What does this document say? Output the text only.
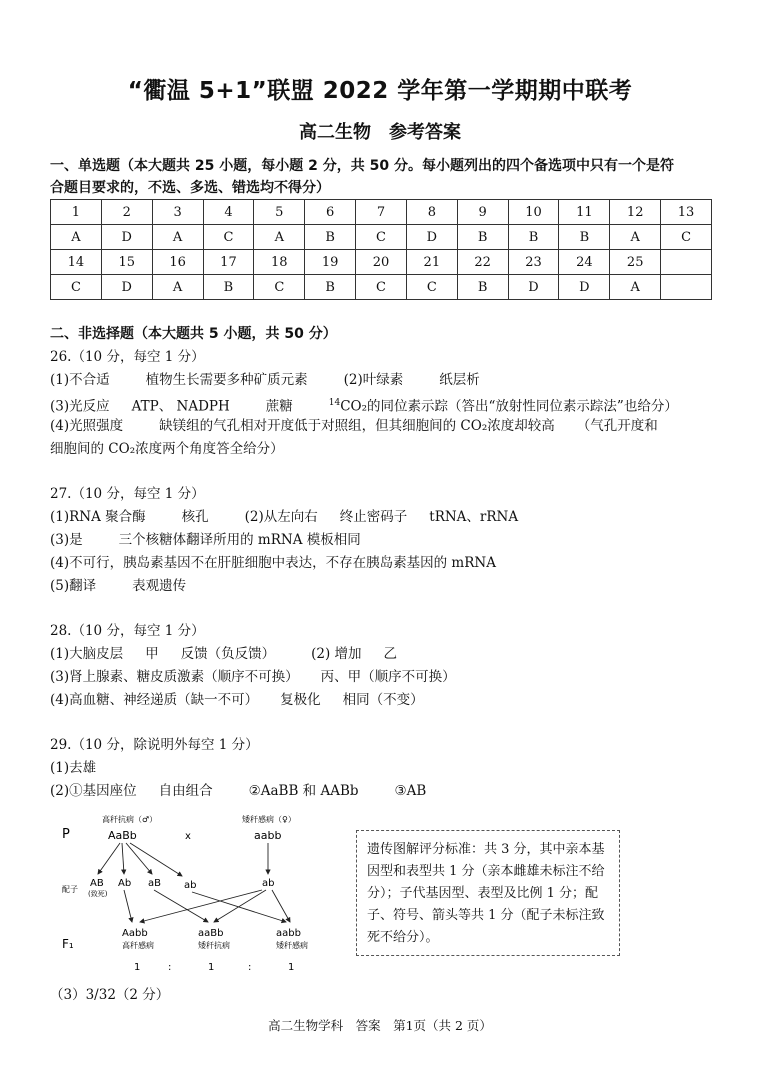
“衢温 5+1”联盟 2022 学年第一学期期中联考
高二生物 参考答案
一、单选题（本大题共 25 小题，每小题 2 分，共 50 分。每小题列出的四个备选项中只有一个是符
合题目要求的，不选、多选、错选均不得分）
1	2	3	4	5	6	7	8	9	10	11	12	13
A	D	A	C	A	B	C	D	B	B	B	A	C
14	15	16	17	18	19	20	21	22	23	24	25	
C	D	A	B	C	B	C	C	B	D	D	A	
二、非选择题（本大题共 5 小题，共 50 分）
26.（10 分，每空 1 分）
(1)不合适	植物生长需要多种矿质元素	(2)叶绿素	纸层析
(3)光反应 ATP、 NADPH	蔗糖	$^{14}$CO₂的同位素示踪（答出“放射性同位素示踪法”也给分）
(4)光照强度	缺镁组的气孔相对开度低于对照组，但其细胞间的 CO₂浓度却较高 （气孔开度和
细胞间的 CO₂浓度两个角度答全给分）
27.（10 分，每空 1 分）
(1)RNA 聚合酶	核孔	(2)从左向右 终止密码子 tRNA、rRNA
(3)是	三个核糖体翻译所用的 mRNA 模板相同
(4)不可行，胰岛素基因不在肝脏细胞中表达，不存在胰岛素基因的 mRNA
(5)翻译	表观遗传
28.（10 分，每空 1 分）
(1)大脑皮层 甲 反馈（负反馈）	(2) 增加 乙
(3)肾上腺素、糖皮质激素（顺序不可换） 丙、甲（顺序不可换）
(4)高血糖、神经递质（缺一不可） 复极化 相同（不变）
29.（10 分，除说明外每空 1 分）
(1)去雄
(2)①基因座位 自由组合	②AaBB 和 AABb	③AB
P
高秆抗病（♂）
AaBb	x
矮秆感病（♀）
aabb
配子
AB
(致死)
Ab aB ab	ab
F₁
Aabb
高秆感病
aaBb
矮秆抗病
aabb
矮秆感病
1	:	1	:	1
遗传图解评分标准：共 3 分，其中亲本基因型和表型共 1 分（亲本雌雄未标注不给分）；子代基因型、表型及比例 1 分；配子、符号、箭头等共 1 分（配子未标注致死不给分）。
（3）3/32（2 分）
高二生物学科　答案　第1页（共 2 页）
